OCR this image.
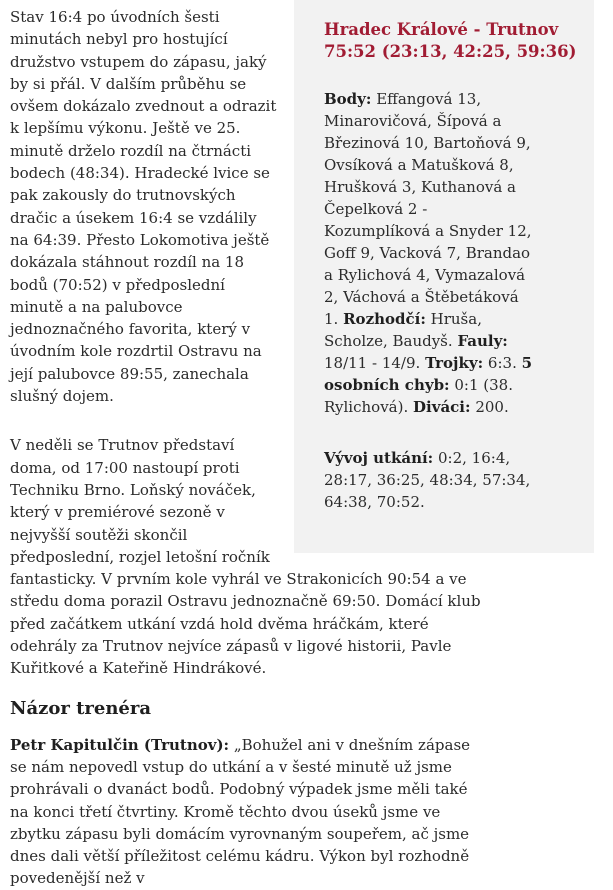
Hradec Králové - Trutnov
75:52 (23:13, 42:25, 59:36)

Body: Effangová 13, Minarovičová, Šípová a Březinová 10, Bartoňová 9, Ovsíková a Matušková 8, Hrušková 3, Kuthanová a Čepelková 2 - Kozumplíková a Snyder 12, Goff 9, Vacková 7, Brandao a Rylichová 4, Vymazalová 2, Váchová a Štěbetáková 1. Rozhodčí: Hruša, Scholze, Baudyš. Fauly: 18/11 - 14/9. Trojky: 6:3. 5 osobních chyb: 0:1 (38. Rylichová). Diváci: 200.

Vývoj utkání: 0:2, 16:4, 28:17, 36:25, 48:34, 57:34, 64:38, 70:52.

Stav 16:4 po úvodních šesti minutách nebyl pro hostující družstvo vstupem do zápasu, jaký by si přál. V dalším průběhu se ovšem dokázalo zvednout a odrazit k lepšímu výkonu. Ještě ve 25. minutě drželo rozdíl na čtrnácti bodech (48:34). Hradecké lvice se pak zakously do trutnovských dračic a úsekem 16:4 se vzdálily na 64:39. Přesto Lokomotiva ještě dokázala stáhnout rozdíl na 18 bodů (70:52) v předposlední minutě a na palubovce jednoznačného favorita, který v úvodním kole rozdrtil Ostravu na její palubovce 89:55, zanechala slušný dojem.

V neděli se Trutnov představí doma, od 17:00 nastoupí proti Techniku Brno. Loňský nováček, který v premiérové sezoně v nejvyšší soutěži skončil předposlední, rozjel letošní ročník fantasticky. V prvním kole vyhrál ve Strakonicích 90:54 a ve středu doma porazil Ostravu jednoznačně 69:50. Domácí klub před začátkem utkání vzdá hold dvěma hráčkám, které odehrály za Trutnov nejvíce zápasů v ligové historii, Pavle Kuřitkové a Kateřině Hindrákové.

Názor trenéra

Petr Kapitulčin (Trutnov): „Bohužel ani v dnešním zápase se nám nepovedl vstup do utkání a v šesté minutě už jsme prohrávali o dvanáct bodů. Podobný výpadek jsme měli také na konci třetí čtvrtiny. Kromě těchto dvou úseků jsme ve zbytku zápasu byli domácím vyrovnaným soupeřem, ač jsme dnes dali větší příležitost celému kádru. Výkon byl rozhodně povedenější než v
